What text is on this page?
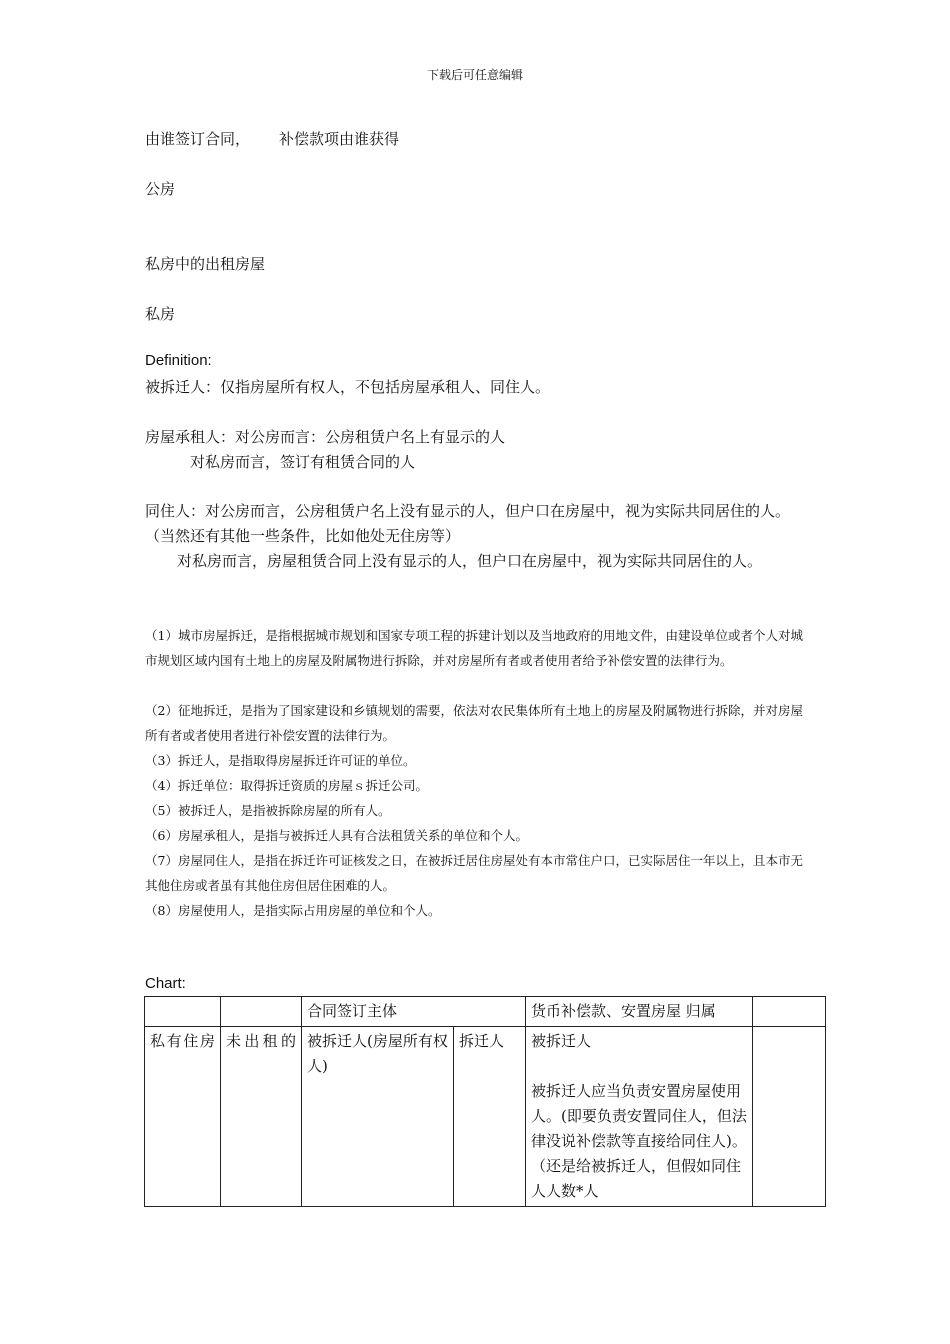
下载后可任意编辑
由谁签订合同， 补偿款项由谁获得
公房
私房中的出租房屋
私房
Definition:
被拆迁人：仅指房屋所有权人，不包括房屋承租人、同住人。
房屋承租人：对公房而言：公房租赁户名上有显示的人
对私房而言，签订有租赁合同的人
同住人：对公房而言，公房租赁户名上没有显示的人，但户口在房屋中，视为实际共同居住的人。（当然还有其他一些条件，比如他处无住房等）
对私房而言，房屋租赁合同上没有显示的人，但户口在房屋中，视为实际共同居住的人。
（1）城市房屋拆迁，是指根据城市规划和国家专项工程的拆建计划以及当地政府的用地文件，由建设单位或者个人对城市规划区域内国有土地上的房屋及附属物进行拆除，并对房屋所有者或者使用者给予补偿安置的法律行为。
（2）征地拆迁，是指为了国家建设和乡镇规划的需要，依法对农民集体所有土地上的房屋及附属物进行拆除，并对房屋所有者或者使用者进行补偿安置的法律行为。
（3）拆迁人，是指取得房屋拆迁许可证的单位。
（4）拆迁单位：取得拆迁资质的房屋ｓ拆迁公司。
（5）被拆迁人，是指被拆除房屋的所有人。
（6）房屋承租人，是指与被拆迁人具有合法租赁关系的单位和个人。
（7）房屋同住人，是指在拆迁许可证核发之日，在被拆迁居住房屋处有本市常住户口，已实际居住一年以上，且本市无其他住房或者虽有其他住房但居住困难的人。
（8）房屋使用人，是指实际占用房屋的单位和个人。
Chart:
		合同签订主体		货币补偿款、安置房屋 归属	
私有住房	未出租的	被拆迁人(房屋所有权人)	拆迁人	被拆迁人
被拆迁人应当负责安置房屋使用人。(即要负责安置同住人，但法律没说补偿款等直接给同住人)。（还是给被拆迁人，但假如同住人人数*人	
